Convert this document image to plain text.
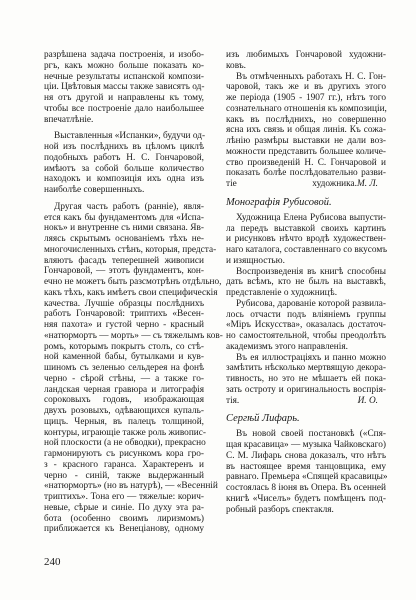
разрѣшена задача построенія, и изобо-
ргъ, какъ можно больше показать ко-
нечные результаты испанской компози-
ціи. Цвѣтовыя массы также зависятъ од-
ня отъ другой и направлены къ тому,
чтобы все построеніе дало наибольшее
впечатлѣніе.
Выставленныя «Испанки», будучи од-
ной изъ послѣднихъ въ цѣломъ циклѣ
подобныхъ работъ Н. С. Гончаровой,
имѣютъ за собой больше количество
находокъ и композиція ихъ одна изъ
наиболѣе совершенныхъ.
Другая часть работъ (ранніе), явля-
ется какъ бы фундаментомъ для «Испа-
нокъ» и внутренне съ ними связана. Яв-
ляясь скрытымъ основаніемъ тѣхъ не-
многочисленныхъ стѣнъ, которыя, предста-
вляютъ фасадъ теперешней живописи
Гончаровой, — этотъ фундаментъ, кон-
ечно не можетъ быть разсмотрѣнъ отдѣльно,
какъ тѣхъ, какъ имѣетъ свои специфическія
качества. Лучшіе образцы послѣднихъ
работъ Гончаровой: триптихъ «Весен-
няя пахота» и густой черно - красный
«натюрмортъ — морть» — съ тяжелымъ ков-
ромъ, которымъ покрытъ столъ, со стѣ-
ной каменной бабы, бутылками и кув-
шиномъ съ зеленью сельдерея на фонѣ
черно - сѣрой стѣны, — а также го-
ландская черная гравюра и литографія
сороковыхъ годовъ, изображающая
двухъ розовыхъ, одѣвающихся купаль-
щицъ. Черныя, въ палецъ толщиной,
контуры, играющіе также роль живопис-
ной плоскости (а не обводки), прекрасно
гармонируютъ съ рисункомъ кора гро-
з - красного гаранса. Характеренъ и
черно - синій, также выдержанный
«натюрмортъ» (но въ натурѣ), — «Весенній
триптихъ». Тона его — тяжелые: корич-
невые, сѣрые и синіе. По духу эта ра-
бота (особенно своимъ лиризмомъ)
приближается къ Венеціанову, одному
изъ любимыхъ Гончаровой художни-
ковъ.
Въ отмѣченныхъ работахъ Н. С. Гон-
чаровой, такъ же и въ другихъ этого
же періода (1905 - 1907 гг.), нѣтъ того
сознательнаго отношенія къ композиціи,
какъ въ послѣднихъ, но совершенно
ясна ихъ связь и общая линія. Къ сожа-
лѣнію размѣры выставки не дали воз-
можности представить большее количе-
ство произведеній Н. С. Гончаровой и
показать болѣе послѣдовательно разви-
тіе художника. М. Л.
Монографія Рубисовой.
Художница Елена Рубисова выпусти-
ла передъ выставкой своихъ картинъ
и рисунковъ нѣчто вродѣ художествен-
наго каталога, составленнаго со вкусомъ
и изящностью.
Воспроизведенія въ книгѣ способны
дать всѣмъ, кто не былъ на выставкѣ,
представленіе о художницѣ.
Рубисова, дарованіе которой развила-
лось отчасти подъ вліяніемъ группы
«Міръ Искусства», оказалась достаточ-
но самостоятельной, чтобы преодолѣть
академизмъ этого направленія.
Въ ея иллюстраціяхъ и панно можно
замѣтить нѣсколько мертвящую декора-
тивность, но это не мѣшаетъ ей пока-
зать остроту и оригинальность воспрія-
тія.	И. О.
Сергѣй Лифарь.
Въ новой своей постановкѣ («Спя-
щая красавица» — музыка Чайковскаго)
С. М. Лифарь снова доказалъ, что нѣтъ
въ настоящее время танцовщика, ему
равнаго. Премьера «Спящей красавицы»
состоялась 8 іюня въ Опера. Въ осенней
книгѣ «Чиселъ» будетъ помѣщенъ под-
робный разборъ спектакля.
240
